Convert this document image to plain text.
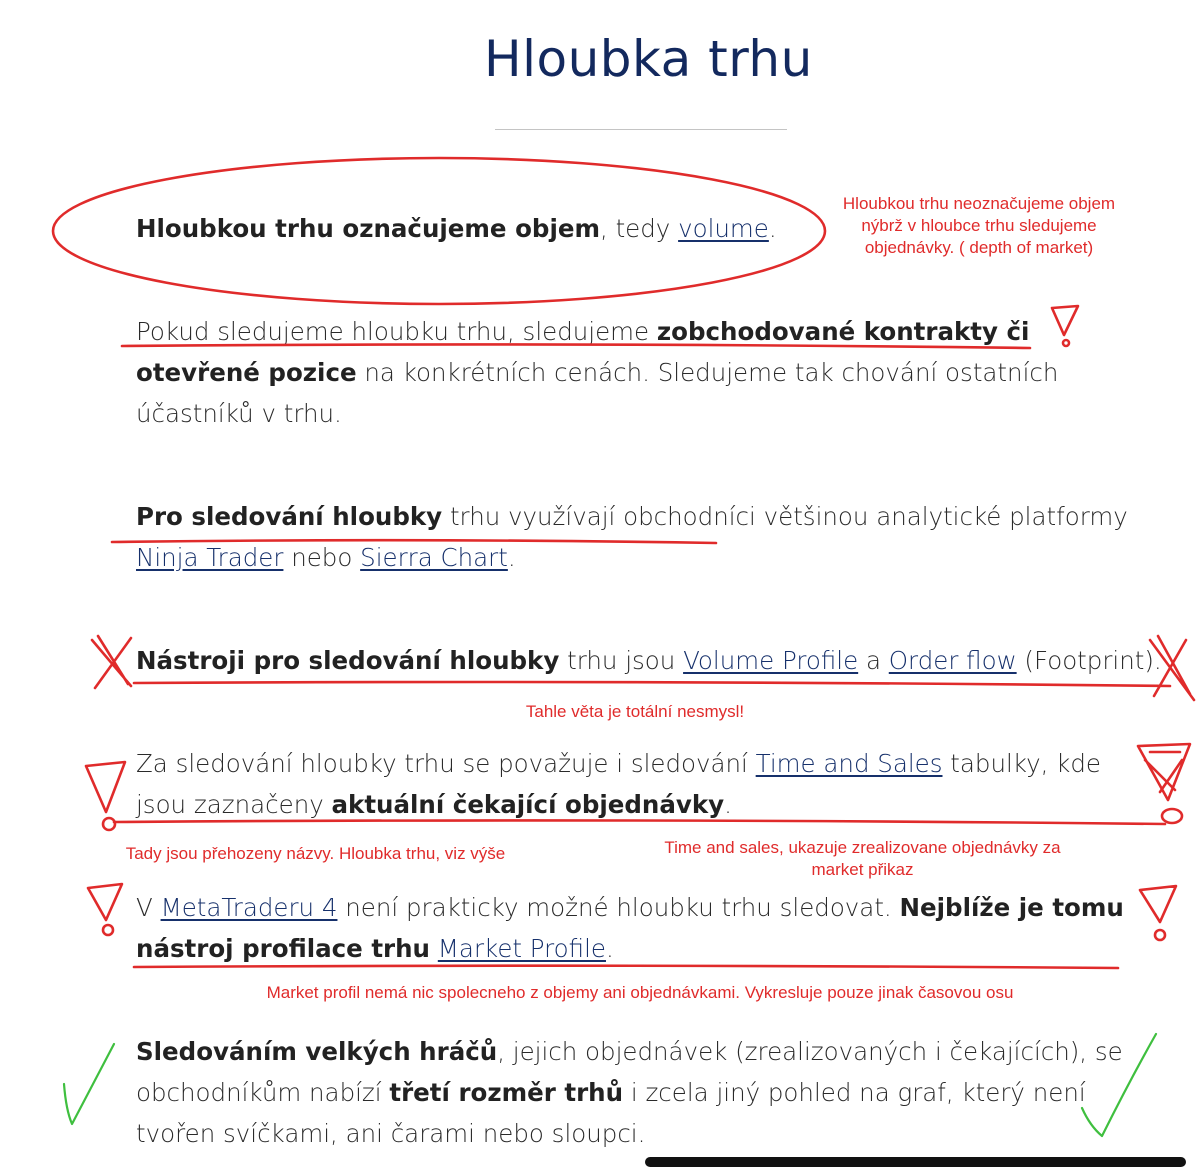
Hloubka trhu
Hloubkou trhu označujeme objem, tedy volume.
Pokud sledujeme hloubku trhu, sledujeme zobchodované kontrakty či
otevřené pozice na konkrétních cenách. Sledujeme tak chování ostatních
účastníků v trhu.
Pro sledování hloubky trhu využívají obchodníci většinou analytické platformy
Ninja Trader nebo Sierra Chart.
Nástroji pro sledování hloubky trhu jsou Volume Profile a Order flow (Footprint).
Za sledování hloubky trhu se považuje i sledování Time and Sales tabulky, kde
jsou zaznačeny aktuální čekající objednávky.
V MetaTraderu 4 není prakticky možné hloubku trhu sledovat. Nejblíže je tomu
nástroj profilace trhu Market Profile.
Sledováním velkých hráčů, jejich objednávek (zrealizovaných i čekajících), se
obchodníkům nabízí třetí rozměr trhů i zcela jiný pohled na graf, který není
tvořen svíčkami, ani čarami nebo sloupci.
Hloubkou trhu neoznačujeme objem nýbrž v hloubce trhu sledujeme objednávky. ( depth of market)
Tahle věta je totální nesmysl!
Tady jsou přehozeny názvy. Hloubka trhu, viz výše	Time and sales, ukazuje zrealizovane objednávky za market přikaz
Market profil nemá nic spolecneho z objemy ani objednávkami. Vykresluje pouze jinak časovou osu
